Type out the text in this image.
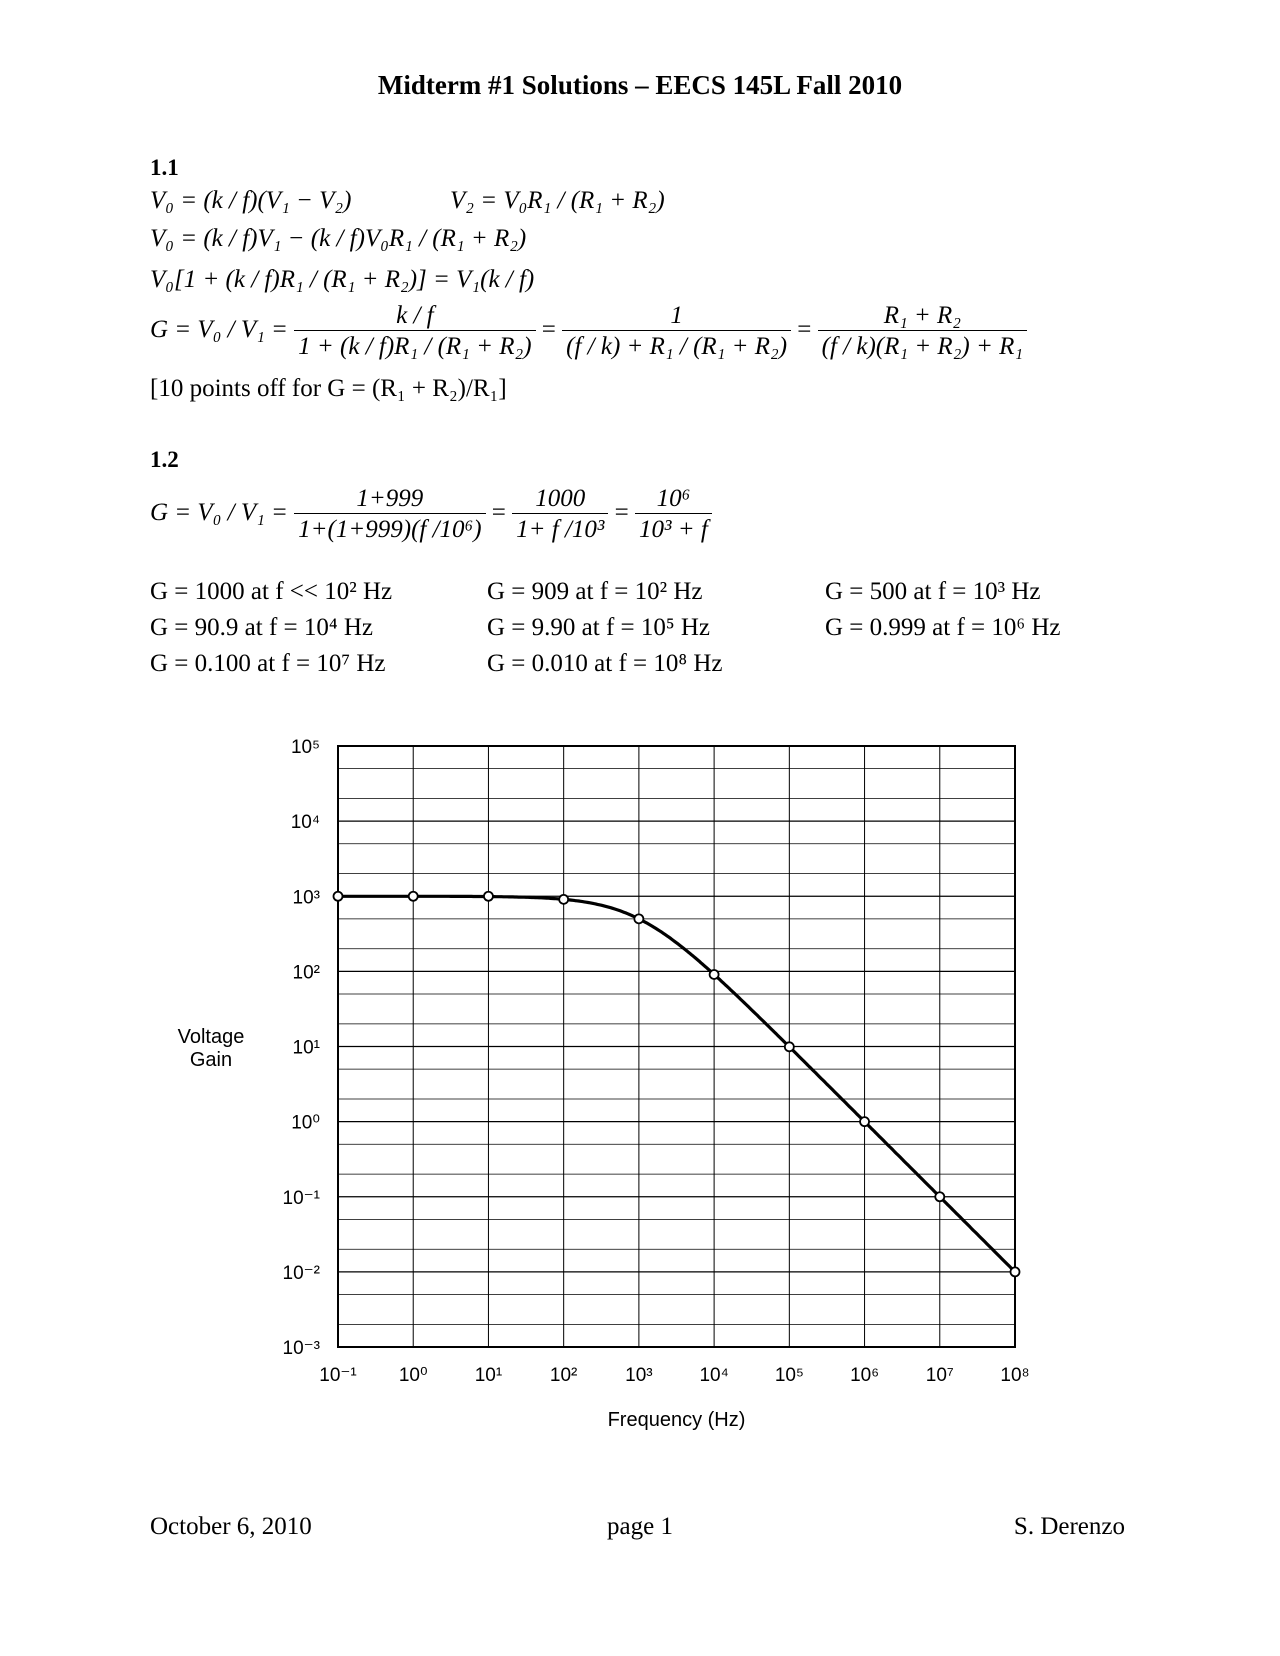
Midterm #1 Solutions – EECS 145L Fall 2010
1.1
V₀ = (k / f)(V₁ − V₂)	V₂ = V₀R₁ / (R₁ + R₂)
V₀ = (k / f)V₁ − (k / f)V₀R₁ / (R₁ + R₂)
V₀[1 + (k / f)R₁ / (R₁ + R₂)] = V₁(k / f)
$G = V_0 / V_1 = \frac{k / f}{\text{1 + (k / f)R₁ / (R₁ + R₂)}} = \frac{1}{\text{(f / k) + R₁ / (R₁ + R₂)}} = \frac{\text{R₁ + R₂}}{\text{(f / k)(R₁ + R₂) + R₁}}$
[10 points off for G = (R₁ + R₂)/R₁]
1.2
$G = V_0 / V_1 = \frac{1+999}{\text{1+(1+999)(f /10⁶)}} = \frac{1000}{\text{1+ f /10³}} = \frac{\text{10⁶}}{\text{10³ + f}}$
G = 1000 at f << 10² Hz	G = 909 at f = 10² Hz	G = 500 at f = 10³ Hz
G = 90.9 at f = 10⁴ Hz	G = 9.90 at f = 10⁵ Hz	G = 0.999 at f = 10⁶ Hz
G = 0.100 at f = 10⁷ Hz	G = 0.010 at f = 10⁸ Hz
10⁵
10⁴
10³
10²
10¹
10⁰
10⁻¹
10⁻²
10⁻³
10⁻¹ 10⁰ 10¹	10²	10³ 10⁴ 10⁵ 10⁶ 10⁷ 10⁸
Frequency (Hz)
Voltage Gain
October 6, 2010	page 1	S. Derenzo
